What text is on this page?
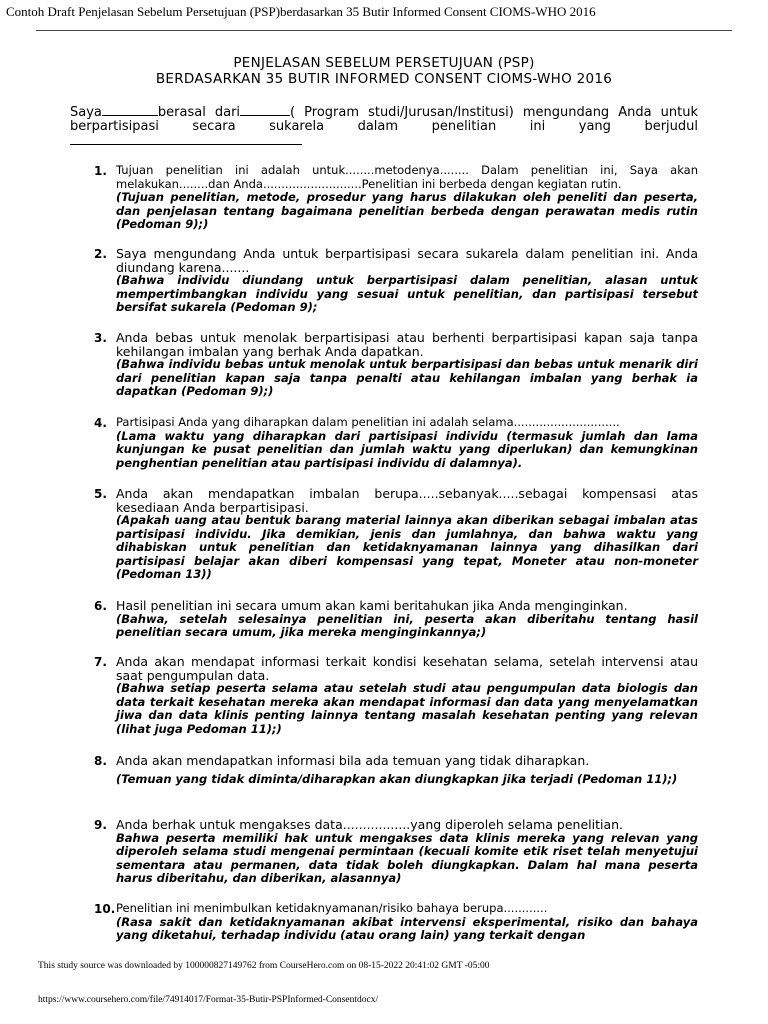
Contoh Draft Penjelasan Sebelum Persetujuan (PSP)berdasarkan 35 Butir Informed Consent CIOMS-WHO 2016
PENJELASAN SEBELUM PERSETUJUAN (PSP)
BERDASARKAN 35 BUTIR INFORMED CONSENT CIOMS-WHO 2016
Saya	berasal dari	( Program studi/Jurusan/Institusi) mengundang Anda untuk berpartisipasi secara sukarela dalam penelitian ini yang berjudul
1. Tujuan penelitian ini adalah untuk........metodenya........ Dalam penelitian ini, Saya akan melakukan........dan Anda...........................Penelitian ini berbeda dengan kegiatan rutin.
(Tujuan penelitian, metode, prosedur yang harus dilakukan oleh peneliti dan peserta, dan penjelasan tentang bagaimana penelitian berbeda dengan perawatan medis rutin (Pedoman 9);)
2. Saya mengundang Anda untuk berpartisipasi secara sukarela dalam penelitian ini. Anda diundang karena.......
(Bahwa individu diundang untuk berpartisipasi dalam penelitian, alasan untuk mempertimbangkan individu yang sesuai untuk penelitian, dan partisipasi tersebut bersifat sukarela (Pedoman 9);
3. Anda bebas untuk menolak berpartisipasi atau berhenti berpartisipasi kapan saja tanpa kehilangan imbalan yang berhak Anda dapatkan.
(Bahwa individu bebas untuk menolak untuk berpartisipasi dan bebas untuk menarik diri dari penelitian kapan saja tanpa penalti atau kehilangan imbalan yang berhak ia dapatkan (Pedoman 9);)
4. Partisipasi Anda yang diharapkan dalam penelitian ini adalah selama.............................
(Lama waktu yang diharapkan dari partisipasi individu (termasuk jumlah dan lama kunjungan ke pusat penelitian dan jumlah waktu yang diperlukan) dan kemungkinan penghentian penelitian atau partisipasi individu di dalamnya).
5. Anda akan mendapatkan imbalan berupa.....sebanyak.....sebagai kompensasi atas kesediaan Anda berpartisipasi.
(Apakah uang atau bentuk barang material lainnya akan diberikan sebagai imbalan atas partisipasi individu. Jika demikian, jenis dan jumlahnya, dan bahwa waktu yang dihabiskan untuk penelitian dan ketidaknyamanan lainnya yang dihasilkan dari partisipasi belajar akan diberi kompensasi yang tepat, Moneter atau non-moneter (Pedoman 13))
6. Hasil penelitian ini secara umum akan kami beritahukan jika Anda menginginkan.
(Bahwa, setelah selesainya penelitian ini, peserta akan diberitahu tentang hasil penelitian secara umum, jika mereka menginginkannya;)
7. Anda akan mendapat informasi terkait kondisi kesehatan selama, setelah intervensi atau saat pengumpulan data.
(Bahwa setiap peserta selama atau setelah studi atau pengumpulan data biologis dan data terkait kesehatan mereka akan mendapat informasi dan data yang menyelamatkan jiwa dan data klinis penting lainnya tentang masalah kesehatan penting yang relevan (lihat juga Pedoman 11);)
8. Anda akan mendapatkan informasi bila ada temuan yang tidak diharapkan.
(Temuan yang tidak diminta/diharapkan akan diungkapkan jika terjadi (Pedoman 11);)
9. Anda berhak untuk mengakses data.................yang diperoleh selama penelitian.
Bahwa peserta memiliki hak untuk mengakses data klinis mereka yang relevan yang diperoleh selama studi mengenai permintaan (kecuali komite etik riset telah menyetujui sementara atau permanen, data tidak boleh diungkapkan. Dalam hal mana peserta harus diberitahu, dan diberikan, alasannya)
10. Penelitian ini menimbulkan ketidaknyamanan/risiko bahaya berupa............
(Rasa sakit dan ketidaknyamanan akibat intervensi eksperimental, risiko dan bahaya yang diketahui, terhadap individu (atau orang lain) yang terkait dengan
This study source was downloaded by 100000827149762 from CourseHero.com on 08-15-2022 20:41:02 GMT -05:00
https://www.coursehero.com/file/74914017/Format-35-Butir-PSPInformed-Consentdocx/
